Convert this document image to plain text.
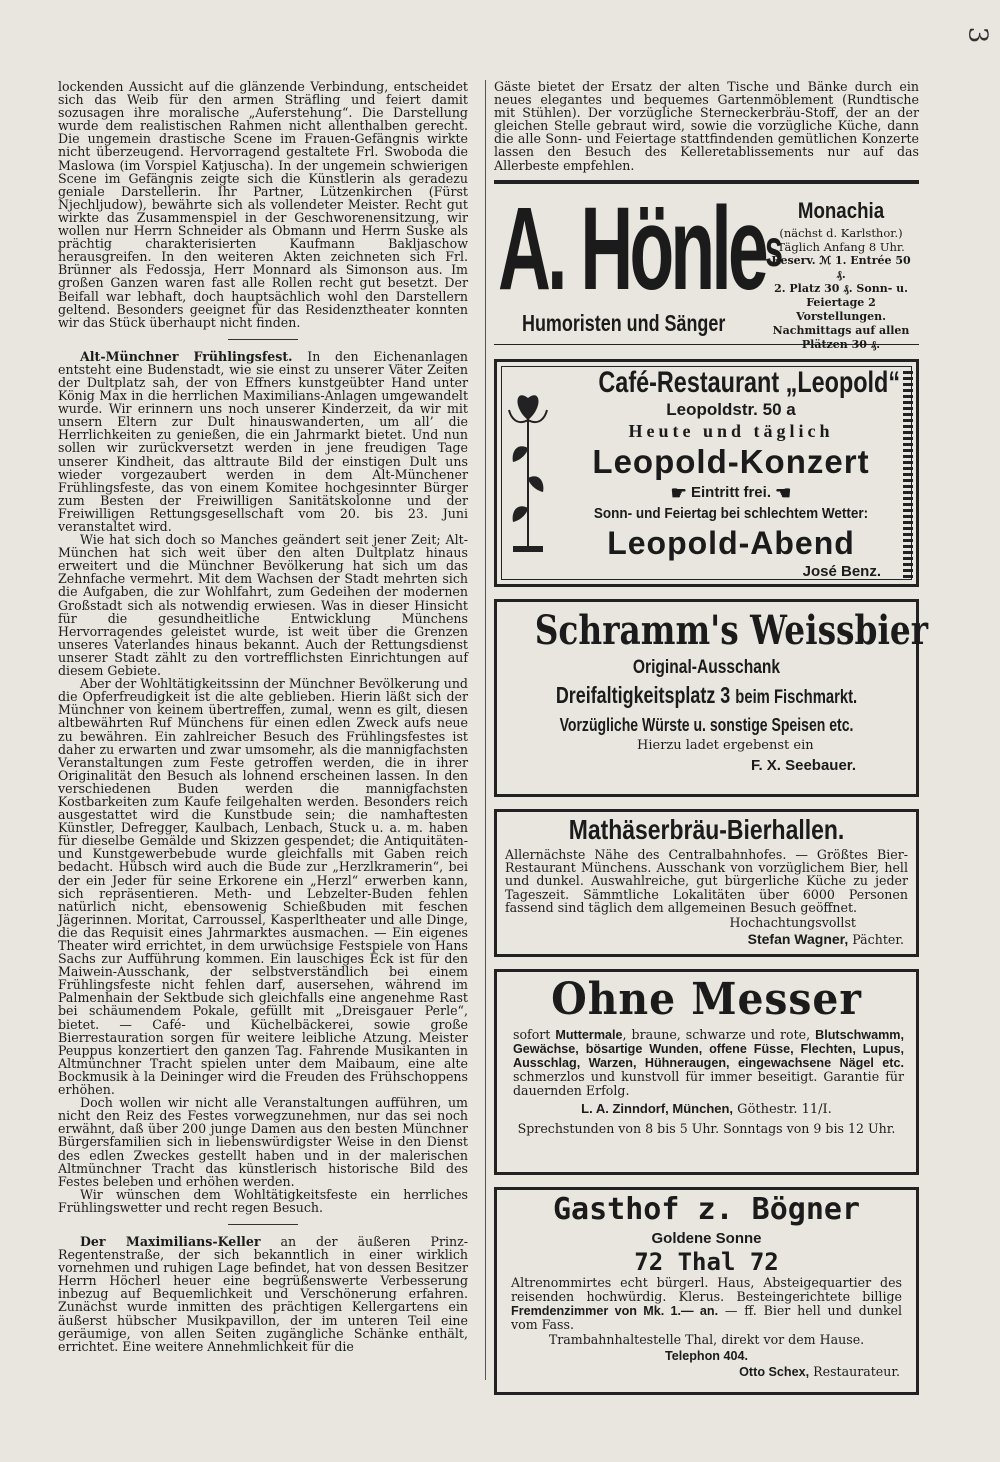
3

lockenden Aussicht auf die glänzende Verbindung, entscheidet sich das Weib für den armen Sträfling und feiert damit sozusagen ihre moralische „Auferstehung“. Die Darstellung wurde dem realistischen Rahmen nicht allenthalben gerecht. Die ungemein drastische Scene im Frauen-Gefängnis wirkte nicht überzeugend. Hervorragend gestaltete Frl. Swoboda die Maslowa (im Vorspiel Katjuscha). In der ungemein schwierigen Scene im Gefängnis zeigte sich die Künstlerin als geradezu geniale Darstellerin. Ihr Partner, Lützenkirchen (Fürst Njechljudow), bewährte sich als vollendeter Meister. Recht gut wirkte das Zusammenspiel in der Geschworenensitzung, wir wollen nur Herrn Schneider als Obmann und Herrn Suske als prächtig charakterisierten Kaufmann Bakljaschow herausgreifen. In den weiteren Akten zeichneten sich Frl. Brünner als Fedossja, Herr Monnard als Simonson aus. Im großen Ganzen waren fast alle Rollen recht gut besetzt. Der Beifall war lebhaft, doch hauptsächlich wohl den Darstellern geltend. Besonders geeignet für das Residenztheater konnten wir das Stück überhaupt nicht finden.

Alt-Münchner Frühlingsfest. In den Eichenanlagen entsteht eine Budenstadt, wie sie einst zu unserer Väter Zeiten der Dultplatz sah, der von Effners kunstgeübter Hand unter König Max in die herrlichen Maximilians-Anlagen umgewandelt wurde. Wir erinnern uns noch unserer Kinderzeit, da wir mit unsern Eltern zur Dult hinauswanderten, um all’ die Herrlichkeiten zu genießen, die ein Jahrmarkt bietet. Und nun sollen wir zurückversetzt werden in jene freudigen Tage unserer Kindheit, das alttraute Bild der einstigen Dult uns wieder vorgezaubert werden in dem Alt-Münchener Frühlingsfeste, das von einem Komitee hochgesinnter Bürger zum Besten der Freiwilligen Sanitätskolonne und der Freiwilligen Rettungsgesellschaft vom 20. bis 23. Juni veranstaltet wird.

Wie hat sich doch so Manches geändert seit jener Zeit; Alt-München hat sich weit über den alten Dultplatz hinaus erweitert und die Münchner Bevölkerung hat sich um das Zehnfache vermehrt. Mit dem Wachsen der Stadt mehrten sich die Aufgaben, die zur Wohlfahrt, zum Gedeihen der modernen Großstadt sich als notwendig erwiesen. Was in dieser Hinsicht für die gesundheitliche Entwicklung Münchens Hervorragendes geleistet wurde, ist weit über die Grenzen unseres Vaterlandes hinaus bekannt. Auch der Rettungsdienst unserer Stadt zählt zu den vortrefflichsten Einrichtungen auf diesem Gebiete.

Aber der Wohltätigkeitssinn der Münchner Bevölkerung und die Opferfreudigkeit ist die alte geblieben. Hierin läßt sich der Münchner von keinem übertreffen, zumal, wenn es gilt, diesen altbewährten Ruf Münchens für einen edlen Zweck aufs neue zu bewähren. Ein zahlreicher Besuch des Frühlingsfestes ist daher zu erwarten und zwar umsomehr, als die mannigfachsten Veranstaltungen zum Feste getroffen werden, die in ihrer Originalität den Besuch als lohnend erscheinen lassen. In den verschiedenen Buden werden die mannigfachsten Kostbarkeiten zum Kaufe feilgehalten werden. Besonders reich ausgestattet wird die Kunstbude sein; die namhaftesten Künstler, Defregger, Kaulbach, Lenbach, Stuck u. a. m. haben für dieselbe Gemälde und Skizzen gespendet; die Antiquitäten- und Kunstgewerbebude wurde gleichfalls mit Gaben reich bedacht. Hübsch wird auch die Bude zur „Herzlkramerin“, bei der ein Jeder für seine Erkorene ein „Herzl“ erwerben kann, sich repräsentieren. Meth- und Lebzelter-Buden fehlen natürlich nicht, ebensowenig Schießbuden mit feschen Jägerinnen. Moritat, Carroussel, Kasperltheater und alle Dinge, die das Requisit eines Jahrmarktes ausmachen. — Ein eigenes Theater wird errichtet, in dem urwüchsige Festspiele von Hans Sachs zur Aufführung kommen. Ein lauschiges Eck ist für den Maiwein-Ausschank, der selbstverständlich bei einem Frühlingsfeste nicht fehlen darf, ausersehen, während im Palmenhain der Sektbude sich gleichfalls eine angenehme Rast bei schäumendem Pokale, gefüllt mit „Dreisgauer Perle“, bietet. — Café- und Küchelbäckerei, sowie große Bierrestauration sorgen für weitere leibliche Atzung. Meister Peuppus konzertiert den ganzen Tag. Fahrende Musikanten in Altmünchner Tracht spielen unter dem Maibaum, eine alte Bockmusik à la Deininger wird die Freuden des Frühschoppens erhöhen.

Doch wollen wir nicht alle Veranstaltungen aufführen, um nicht den Reiz des Festes vorwegzunehmen, nur das sei noch erwähnt, daß über 200 junge Damen aus den besten Münchner Bürgersfamilien sich in liebenswürdigster Weise in den Dienst des edlen Zweckes gestellt haben und in der malerischen Altmünchner Tracht das künstlerisch historische Bild des Festes beleben und erhöhen werden.

Wir wünschen dem Wohltätigkeitsfeste ein herrliches Frühlingswetter und recht regen Besuch.

Der Maximilians-Keller an der äußeren Prinz-Regentenstraße, der sich bekanntlich in einer wirklich vornehmen und ruhigen Lage befindet, hat von dessen Besitzer Herrn Höcherl heuer eine begrüßenswerte Verbesserung inbezug auf Bequemlichkeit und Verschönerung erfahren. Zunächst wurde inmitten des prächtigen Kellergartens ein äußerst hübscher Musikpavillon, der im unteren Teil eine geräumige, von allen Seiten zugängliche Schänke enthält, errichtet. Eine weitere Annehmlichkeit für die

Gäste bietet der Ersatz der alten Tische und Bänke durch ein neues elegantes und bequemes Gartenmöblement (Rundtische mit Stühlen). Der vorzügliche Sterneckerbräu-Stoff, der an der gleichen Stelle gebraut wird, sowie die vorzügliche Küche, dann die alle Sonn- und Feiertage stattfindenden gemütlichen Konzerte lassen den Besuch des Kelleretablissements nur auf das Allerbeste empfehlen.

A. Hönle$^s$
Humoristen und Sänger
Monachia
(nächst d. Karlsthor.)
Täglich Anfang 8 Uhr.
Reserv. ℳ 1. Entrée 50 ₰.
2. Platz 30 ₰. Sonn- u. Feiertage 2 Vorstellungen.
Nachmittags auf allen Plätzen 30 ₰.
Café-Restaurant „Leopold“
Leopoldstr. 50 a
Heute und täglich
Leopold-Konzert
☛ Eintritt frei. ☚
Sonn- und Feiertag bei schlechtem Wetter:
Leopold-Abend
José Benz.
Schramm's Weissbier
Original-Ausschank
Dreifaltigkeitsplatz 3 beim Fischmarkt.
Vorzügliche Würste u. sonstige Speisen etc.
Hierzu ladet ergebenst ein
F. X. Seebauer.
Mathäserbräu-Bierhallen.
Allernächste Nähe des Centralbahnhofes. — Größtes Bier-Restaurant Münchens. Ausschank von vorzüglichem Bier, hell und dunkel. Auswahlreiche, gut bürgerliche Küche zu jeder Tageszeit. Sämmtliche Lokalitäten über 6000 Personen fassend sind täglich dem allgemeinen Besuch geöffnet.
Hochachtungsvollst
Stefan Wagner, Pächter.
Ohne Messer
sofort Muttermale, braune, schwarze und rote, Blutschwamm, Gewächse, bösartige Wunden, offene Füsse, Flechten, Lupus, Ausschlag, Warzen, Hühneraugen, eingewachsene Nägel etc. schmerzlos und kunstvoll für immer beseitigt. Garantie für dauernden Erfolg.
L. A. Zinndorf, München, Göthestr. 11/I.
Sprechstunden von 8 bis 5 Uhr. Sonntags von 9 bis 12 Uhr.
Gasthof z. Bögner
Goldene Sonne
72 Thal 72
Altrenommirtes echt bürgerl. Haus, Absteigequartier des reisenden hochwürdig. Klerus. Besteingerichtete billige Fremdenzimmer von Mk. 1.— an. — ff. Bier hell und dunkel vom Fass.
Trambahnhaltestelle Thal, direkt vor dem Hause.
Telephon 404.
Otto Schex, Restaurateur.
